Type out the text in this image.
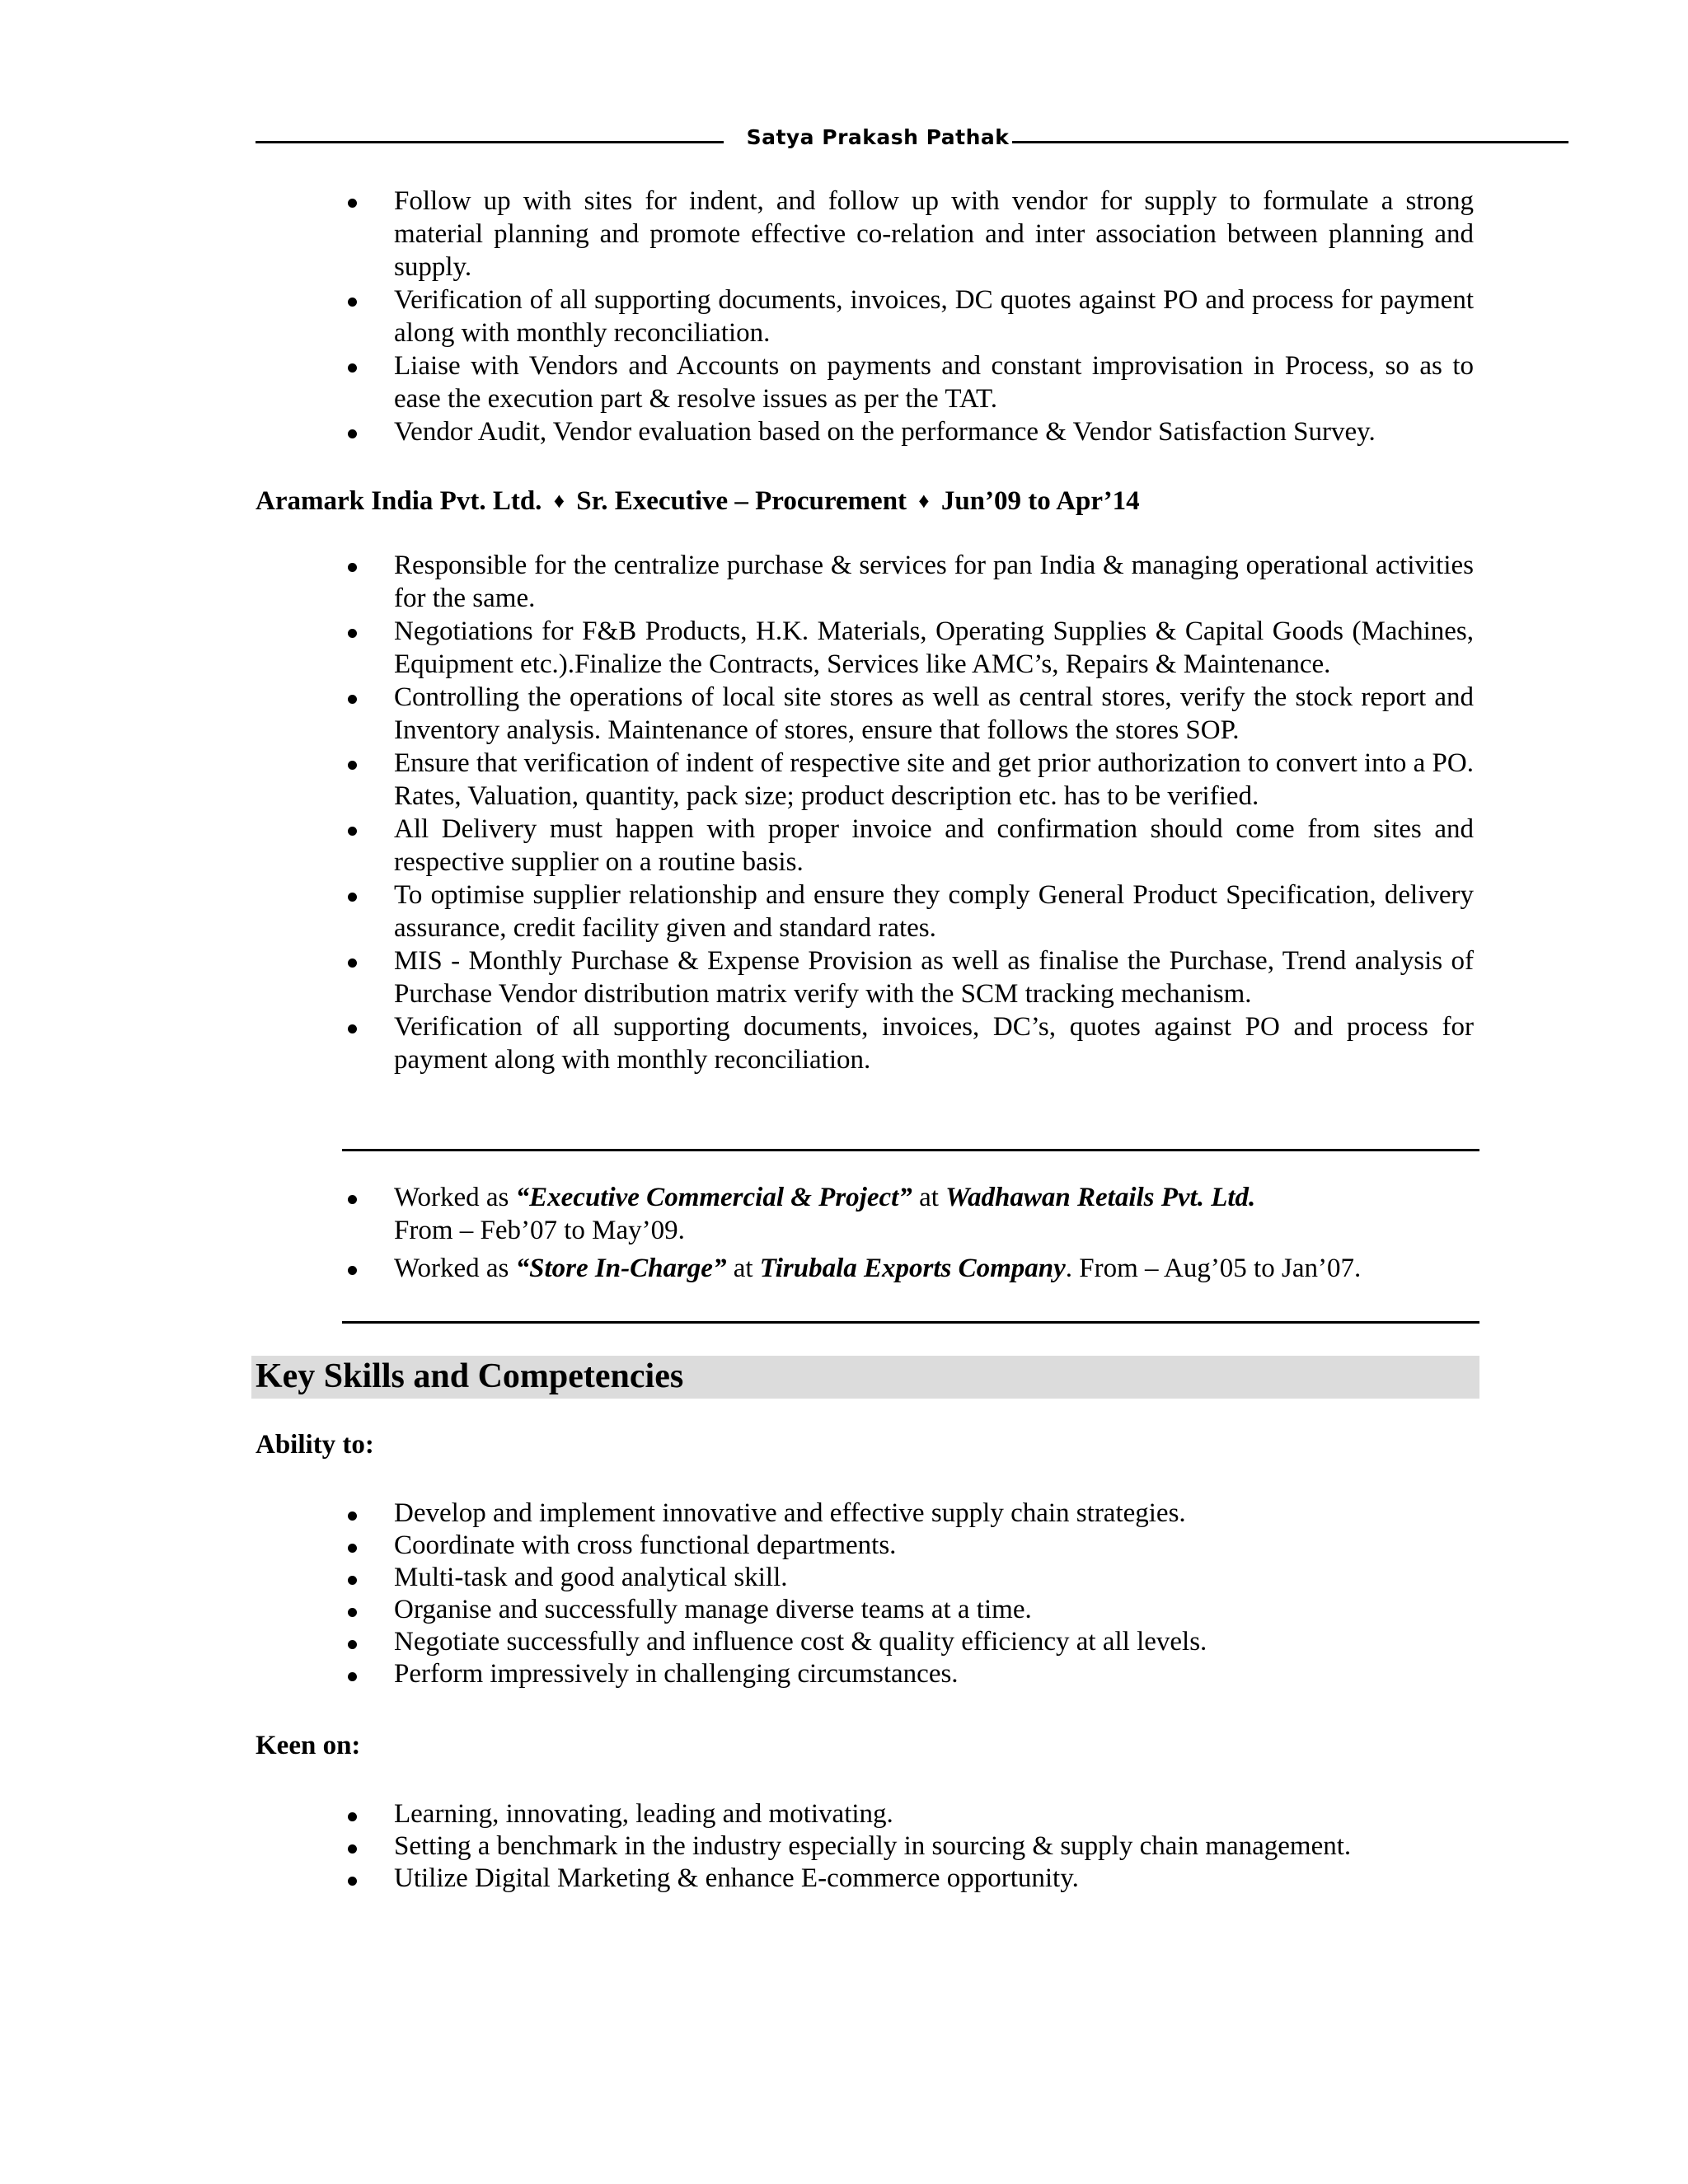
Satya Prakash Pathak
Follow up with sites for indent, and follow up with vendor for supply to formulate a strong material planning and promote effective co-relation and inter association between planning and supply.
Verification of all supporting documents, invoices, DC quotes against PO and process for payment along with monthly reconciliation.
Liaise with Vendors and Accounts on payments and constant improvisation in Process, so as to ease the execution part & resolve issues as per the TAT.
Vendor Audit, Vendor evaluation based on the performance & Vendor Satisfaction Survey.
Aramark India Pvt. Ltd. ♦ Sr. Executive – Procurement ♦ Jun’09 to Apr’14
Responsible for the centralize purchase & services for pan India & managing operational activities for the same.
Negotiations for F&B Products, H.K. Materials, Operating Supplies & Capital Goods (Machines, Equipment etc.).Finalize the Contracts, Services like AMC’s, Repairs & Maintenance.
Controlling the operations of local site stores as well as central stores, verify the stock report and Inventory analysis. Maintenance of stores, ensure that follows the stores SOP.
Ensure that verification of indent of respective site and get prior authorization to convert into a PO. Rates, Valuation, quantity, pack size; product description etc. has to be verified.
All Delivery must happen with proper invoice and confirmation should come from sites and respective supplier on a routine basis.
To optimise supplier relationship and ensure they comply General Product Specification, delivery assurance, credit facility given and standard rates.
MIS - Monthly Purchase & Expense Provision as well as finalise the Purchase, Trend analysis of Purchase Vendor distribution matrix verify with the SCM tracking mechanism.
Verification of all supporting documents, invoices, DC’s, quotes against PO and process for payment along with monthly reconciliation.
Worked as “Executive Commercial & Project” at Wadhawan Retails Pvt. Ltd.
From – Feb’07 to May’09.
Worked as “Store In-Charge” at Tirubala Exports Company. From – Aug’05 to Jan’07.
Key Skills and Competencies
Ability to:
Develop and implement innovative and effective supply chain strategies.
Coordinate with cross functional departments.
Multi-task and good analytical skill.
Organise and successfully manage diverse teams at a time.
Negotiate successfully and influence cost & quality efficiency at all levels.
Perform impressively in challenging circumstances.
Keen on:
Learning, innovating, leading and motivating.
Setting a benchmark in the industry especially in sourcing & supply chain management.
Utilize Digital Marketing & enhance E-commerce opportunity.
